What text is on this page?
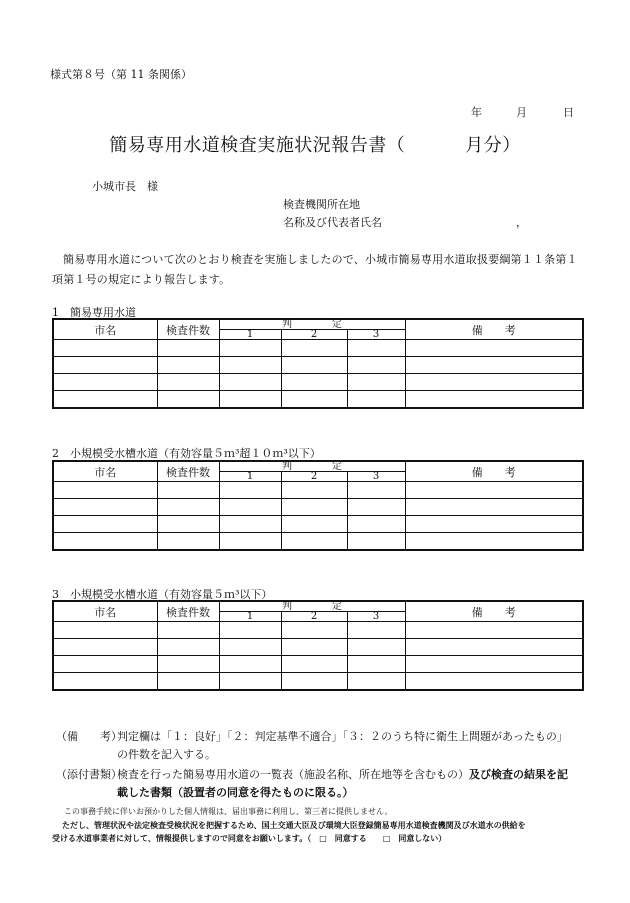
様式第８号（第 11 条関係）
年	月	日
簡易専用水道検査実施状況報告書（	月分）
小城市長　様
検査機関所在地
名称及び代表者氏名	，
簡易専用水道について次のとおり検査を実施しましたので、小城市簡易専用水道取扱要綱第１１条第１項第１号の規定により報告します。
1　簡易専用水道
市名	検査件数	判　　　　定			備　　考
		1	2	3	

2　小規模受水槽水道（有効容量５ｍ³超１０ｍ³以下）
市名	検査件数	判　　　　定			備　　考
		1	2	3	

3　小規模受水槽水道（有効容量５ｍ³以下）
市名	検査件数	判　　　　定			備　　考
		1	2	3	

（備　　考）
判定欄は「１：良好」「２：判定基準不適合」「３：２のうち特に衛生上問題があったもの」
の件数を記入する。
（添付書類）
検査を行った簡易専用水道の一覧表（施設名称、所在地等を含むもの）及び検査の結果を記
載した書類（設置者の同意を得たものに限る。）
この事務手続に伴いお預かりした個人情報は、届出事務に利用し、第三者に提供しません。
ただし、管理状況や法定検査受検状況を把握するため、国土交通大臣及び環境大臣登録簡易専用水道検査機関及び水道水の供給を
受ける水道事業者に対して、情報提供しますので同意をお願いします。（　□　同意する　　□　同意しない）
